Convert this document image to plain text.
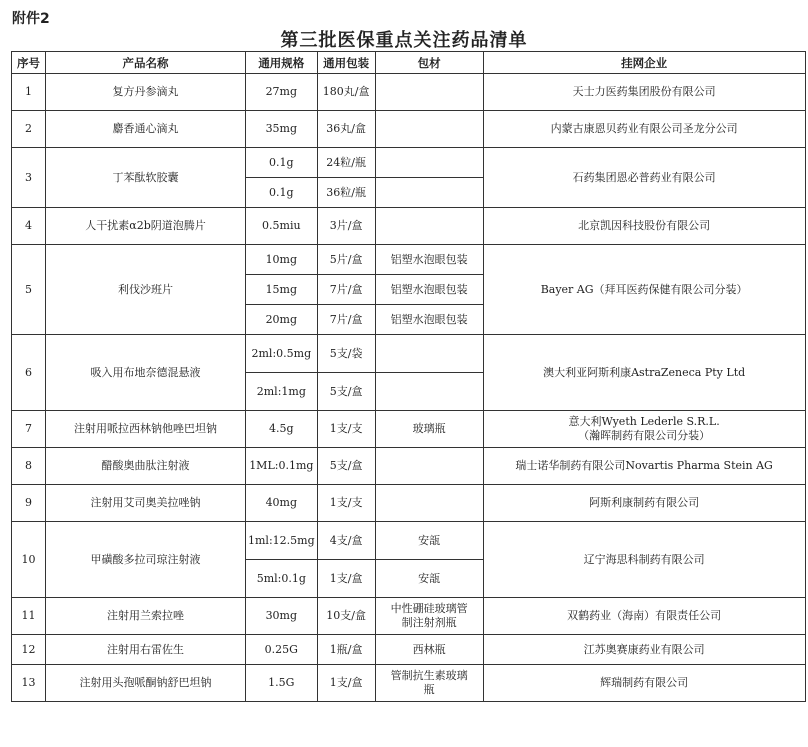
附件2
第三批医保重点关注药品清单
序号	产品名称	通用规格	通用包装	包材	挂网企业
1	复方丹参滴丸	27mg	180丸/盒		天士力医药集团股份有限公司
2	麝香通心滴丸	35mg	36丸/盒		内蒙古康恩贝药业有限公司圣龙分公司
3	丁苯酞软胶囊	0.1g	24粒/瓶		石药集团恩必普药业有限公司
		0.1g	36粒/瓶		
4	人干扰素α2b阴道泡腾片	0.5miu	3片/盒		北京凯因科技股份有限公司
5	利伐沙班片	10mg	5片/盒	铝塑水泡眼包装	Bayer AG（拜耳医药保健有限公司分装）
		15mg	7片/盒	铝塑水泡眼包装	
		20mg	7片/盒	铝塑水泡眼包装	
6	吸入用布地奈德混悬液	2ml:0.5mg	5支/袋		澳大利亚阿斯利康AstraZeneca Pty Ltd
		2ml:1mg	5支/盒		
7	注射用哌拉西林钠他唑巴坦钠	4.5g	1支/支	玻璃瓶	意大利Wyeth Lederle S.R.L.
（瀚晖制药有限公司分装）

8	醋酸奥曲肽注射液	1ML:0.1mg	5支/盒		瑞士诺华制药有限公司Novartis Pharma Stein AG
9	注射用艾司奥美拉唑钠	40mg	1支/支		阿斯利康制药有限公司
10	甲磺酸多拉司琼注射液	1ml:12.5mg	4支/盒	安瓿	辽宁海思科制药有限公司
		5ml:0.1g	1支/盒	安瓿	
11	注射用兰索拉唑	30mg	10支/盒	中性硼硅玻璃管
制注射剂瓶	双鹤药业（海南）有限责任公司
12	注射用右雷佐生	0.25G	1瓶/盒	西林瓶	江苏奥赛康药业有限公司
13	注射用头孢哌酮钠舒巴坦钠	1.5G	1支/盒	管制抗生素玻璃
瓶	辉瑞制药有限公司
